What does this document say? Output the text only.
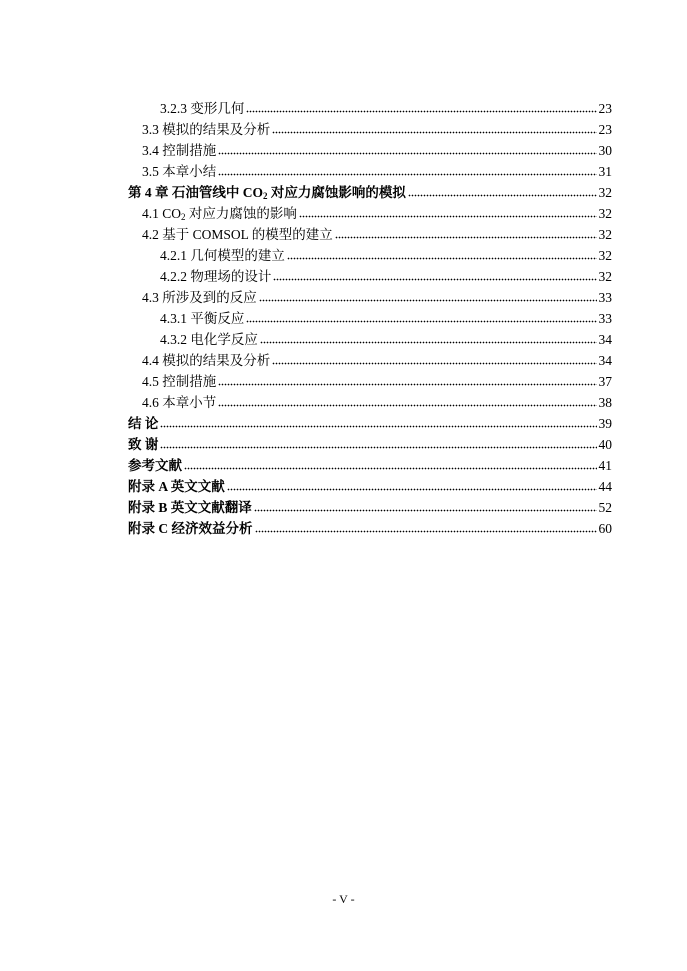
3.2.3 变形几何	23
3.3 模拟的结果及分析	23
3.4 控制措施	30
3.5 本章小结	31
第 4 章 石油管线中 $CO_2$ 对应力腐蚀影响的模拟	32
4.1 $CO_2$ 对应力腐蚀的影响	32
4.2 基于 COMSOL 的模型的建立	32
4.2.1 几何模型的建立	32
4.2.2 物理场的设计	32
4.3 所涉及到的反应	33
4.3.1 平衡反应	33
4.3.2 电化学反应	34
4.4 模拟的结果及分析	34
4.5 控制措施	37
4.6 本章小节	38
结 论	39
致 谢	40
参考文献	41
附录 A 英文文献	44
附录 B 英文文献翻译	52
附录 C 经济效益分析	60
- V -
